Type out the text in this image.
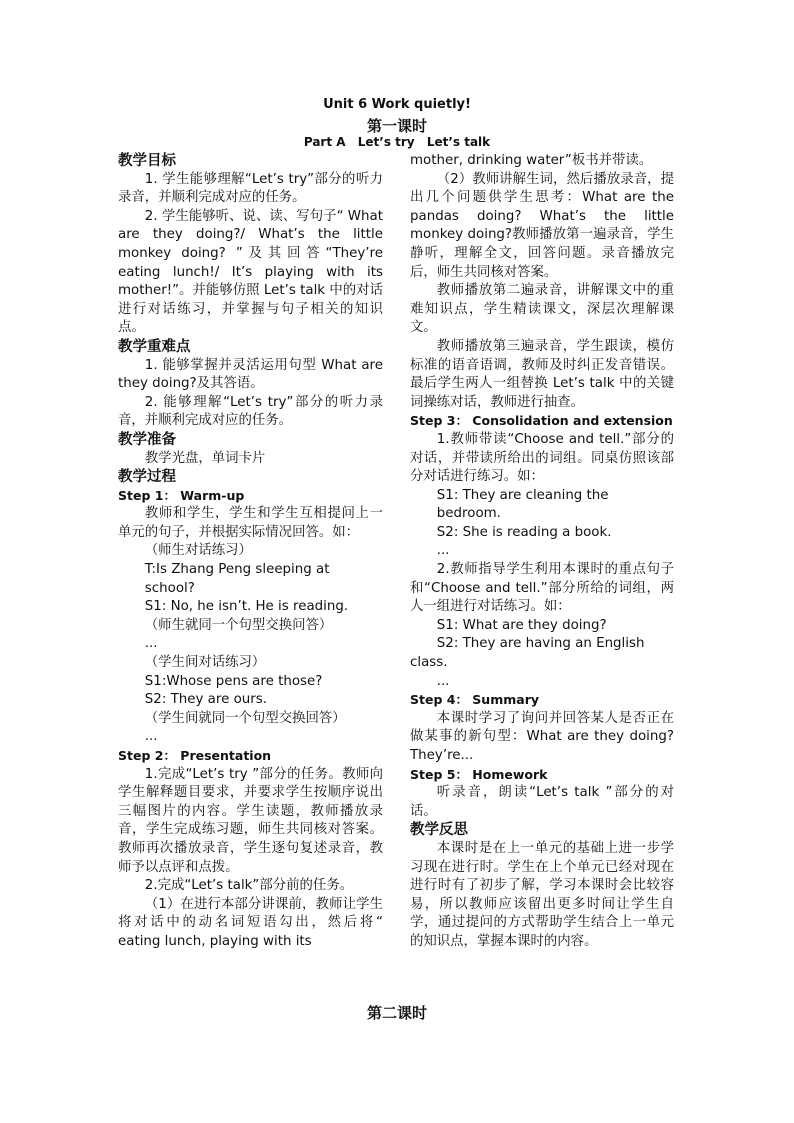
Unit 6 Work quietly!
第一课时
Part A Let’s try Let’s talk

教学目标

1. 学生能够理解“Let’s try”部分的听力录音，并顺利完成对应的任务。

2. 学生能够听、说、读、写句子“ What are they doing?/ What’s the little monkey doing? ”及其回答“They’re eating lunch!/ It’s playing with its mother!”。并能够仿照 Let’s talk 中的对话进行对话练习，并掌握与句子相关的知识点。

教学重难点

1. 能够掌握并灵活运用句型 What are they doing?及其答语。

2. 能够理解“Let’s try”部分的听力录音，并顺利完成对应的任务。

教学准备

教学光盘，单词卡片

教学过程

Step 1： Warm-up

教师和学生，学生和学生互相提问上一单元的句子，并根据实际情况回答。如：

（师生对话练习）

T:Is Zhang Peng sleeping at school?

S1: No, he isn’t. He is reading.

（师生就同一个句型交换问答）

...

（学生间对话练习）

S1:Whose pens are those?

S2: They are ours.

（学生间就同一个句型交换回答）

...

Step 2： Presentation

1.完成“Let’s try ”部分的任务。教师向学生解释题目要求，并要求学生按顺序说出三幅图片的内容。学生读题，教师播放录音，学生完成练习题，师生共同核对答案。教师再次播放录音，学生逐句复述录音，教师予以点评和点拨。

2.完成“Let’s talk”部分前的任务。

（1）在进行本部分讲课前，教师让学生将对话中的动名词短语勾出，然后将“ eating lunch, playing with its

mother, drinking water”板书并带读。

（2）教师讲解生词，然后播放录音，提出几个问题供学生思考：What are the pandas doing? What’s the little monkey doing?教师播放第一遍录音，学生静听，理解全文，回答问题。录音播放完后，师生共同核对答案。

教师播放第二遍录音，讲解课文中的重难知识点，学生精读课文，深层次理解课文。

教师播放第三遍录音，学生跟读，模仿标准的语音语调，教师及时纠正发音错误。最后学生两人一组替换 Let’s talk 中的关键词操练对话，教师进行抽查。

Step 3： Consolidation and extension

1.教师带读“Choose and tell.”部分的对话，并带读所给出的词组。同桌仿照该部分对话进行练习。如：

S1: They are cleaning the bedroom.

S2: She is reading a book.

...

2.教师指导学生利用本课时的重点句子和“Choose and tell.”部分所给的词组，两人一组进行对话练习。如：

S1: What are they doing?

S2: They are having an English

class.

...

Step 4： Summary

本课时学习了询问并回答某人是否正在做某事的新句型：What are they doing? They’re...

Step 5： Homework

听录音，朗读“Let’s talk ”部分的对话。

教学反思

本课时是在上一单元的基础上进一步学习现在进行时。学生在上个单元已经对现在进行时有了初步了解，学习本课时会比较容易，所以教师应该留出更多时间让学生自学，通过提问的方式帮助学生结合上一单元的知识点，掌握本课时的内容。

第二课时
